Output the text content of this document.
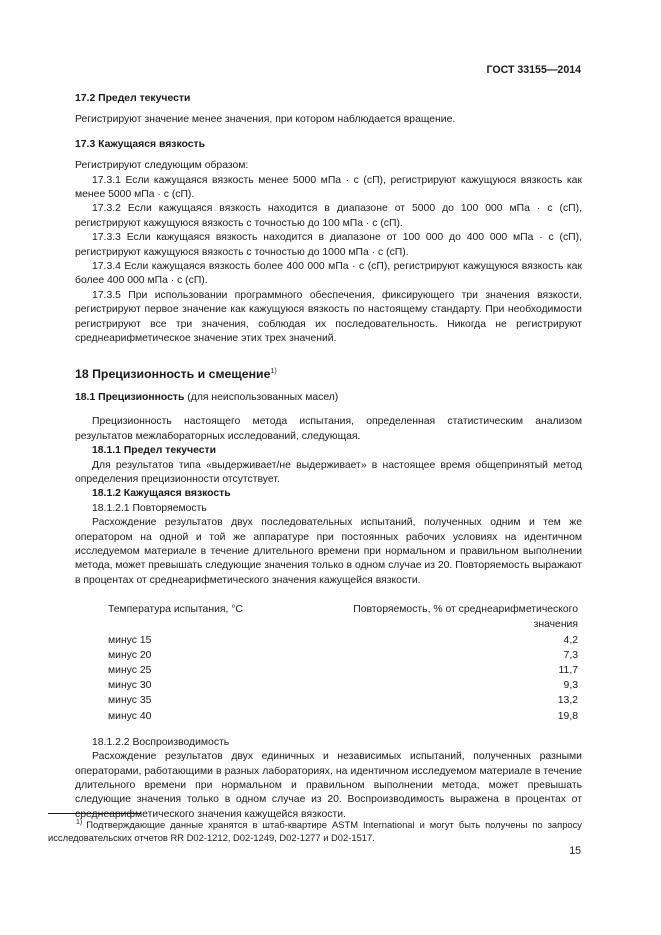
ГОСТ 33155—2014

17.2 Предел текучести

Регистрируют значение менее значения, при котором наблюдается вращение.

17.3 Кажущаяся вязкость

Регистрируют следующим образом:

17.3.1 Если кажущаяся вязкость менее 5000 мПа · с (сП), регистрируют кажущуюся вязкость как менее 5000 мПа · с (сП).

17.3.2 Если кажущаяся вязкость находится в диапазоне от 5000 до 100 000 мПа · с (сП), регистрируют кажущуюся вязкость с точностью до 100 мПа · с (сП).

17.3.3 Если кажущаяся вязкость находится в диапазоне от 100 000 до 400 000 мПа · с (сП), регистрируют кажущуюся вязкость с точностью до 1000 мПа · с (сП).

17.3.4 Если кажущаяся вязкость более 400 000 мПа · с (сП), регистрируют кажущуюся вязкость как более 400 000 мПа · с (сП).

17.3.5 При использовании программного обеспечения, фиксирующего три значения вязкости, регистрируют первое значение как кажущуюся вязкость по настоящему стандарту. При необходимости регистрируют все три значения, соблюдая их последовательность. Никогда не регистрируют среднеарифметическое значение этих трех значений.

18 Прецизионность и смещение$^{1)}$

18.1 Прецизионность (для неиспользованных масел)

Прецизионность настоящего метода испытания, определенная статистическим анализом результатов межлабораторных исследований, следующая.

18.1.1 Предел текучести

Для результатов типа «выдерживает/не выдерживает» в настоящее время общепринятый метод определения прецизионности отсутствует.

18.1.2 Кажущаяся вязкость

18.1.2.1 Повторяемость

Расхождение результатов двух последовательных испытаний, полученных одним и тем же оператором на одной и той же аппаратуре при постоянных рабочих условиях на идентичном исследуемом материале в течение длительного времени при нормальном и правильном выполнении метода, может превышать следующие значения только в одном случае из 20. Повторяемость выражают в процентах от среднеарифметического значения кажущейся вязкости.

Температура испытания, °С	Повторяемость, % от среднеарифметического значения
минус 15	4,2
минус 20	7,3
минус 25	11,7
минус 30	9,3
минус 35	13,2
минус 40	19,8

18.1.2.2 Воспроизводимость

Расхождение результатов двух единичных и независимых испытаний, полученных разными операторами, работающими в разных лабораториях, на идентичном исследуемом материале в течение длительного времени при нормальном и правильном выполнении метода, может превышать следующие значения только в одном случае из 20. Воспроизводимость выражена в процентах от среднеарифметического значения кажущейся вязкости.

$^{1)}$ Подтверждающие данные хранятся в штаб-квартире ASTM International и могут быть получены по запросу исследовательских отчетов RR D02-1212, D02-1249, D02-1277 и D02-1517.
15
